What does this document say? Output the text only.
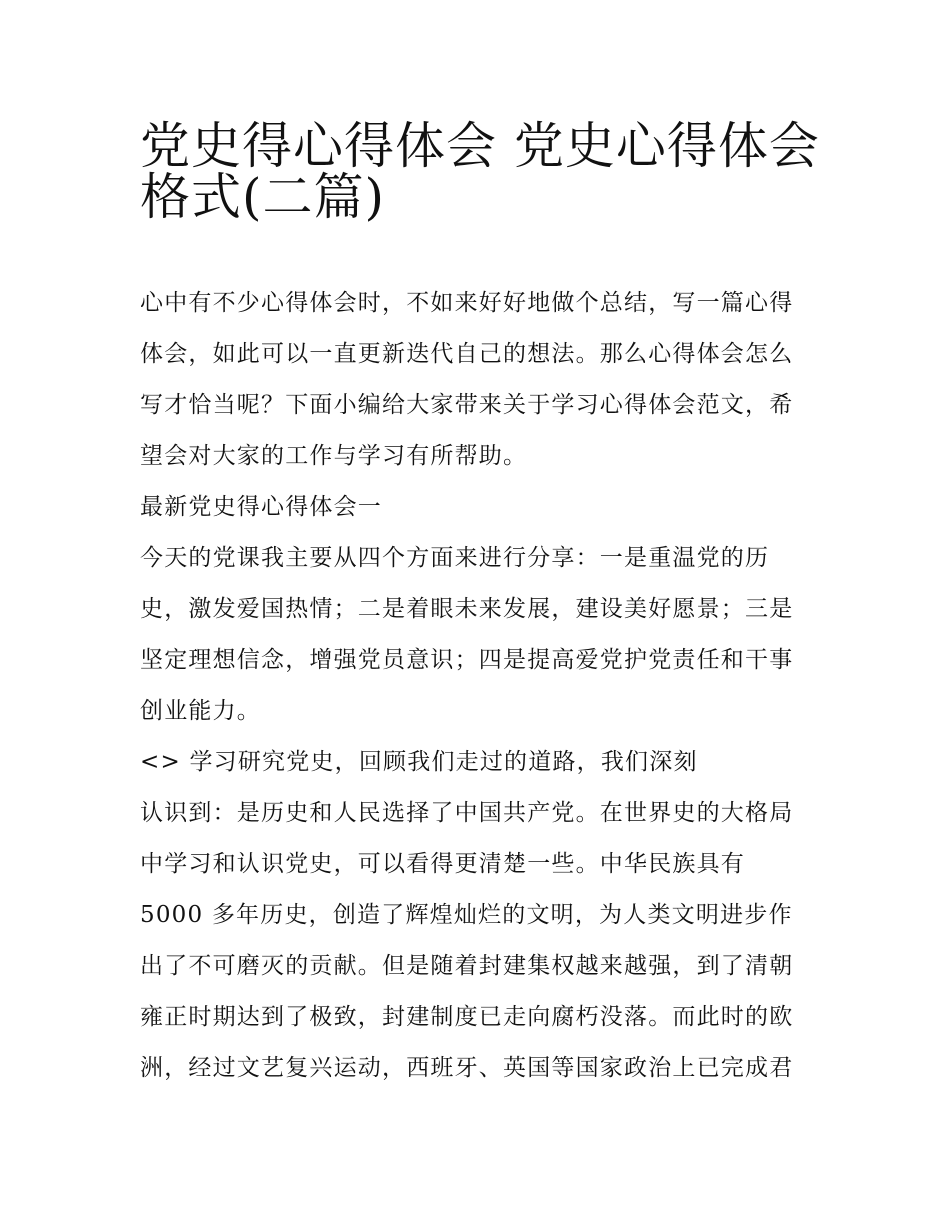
党史得心得体会 党史心得体会
格式(二篇)

心中有不少心得体会时，不如来好好地做个总结，写一篇心得
体会，如此可以一直更新迭代自己的想法。那么心得体会怎么
写才恰当呢？下面小编给大家带来关于学习心得体会范文，希
望会对大家的工作与学习有所帮助。

最新党史得心得体会一

今天的党课我主要从四个方面来进行分享：一是重温党的历
史，激发爱国热情；二是着眼未来发展，建设美好愿景；三是
坚定理想信念，增强党员意识；四是提高爱党护党责任和干事
创业能力。

<> 学习研究党史，回顾我们走过的道路，我们深刻

认识到：是历史和人民选择了中国共产党。在世界史的大格局
中学习和认识党史，可以看得更清楚一些。中华民族具有
5000 多年历史，创造了辉煌灿烂的文明，为人类文明进步作
出了不可磨灭的贡献。但是随着封建集权越来越强，到了清朝
雍正时期达到了极致，封建制度已走向腐朽没落。而此时的欧
洲，经过文艺复兴运动，西班牙、英国等国家政治上已完成君
